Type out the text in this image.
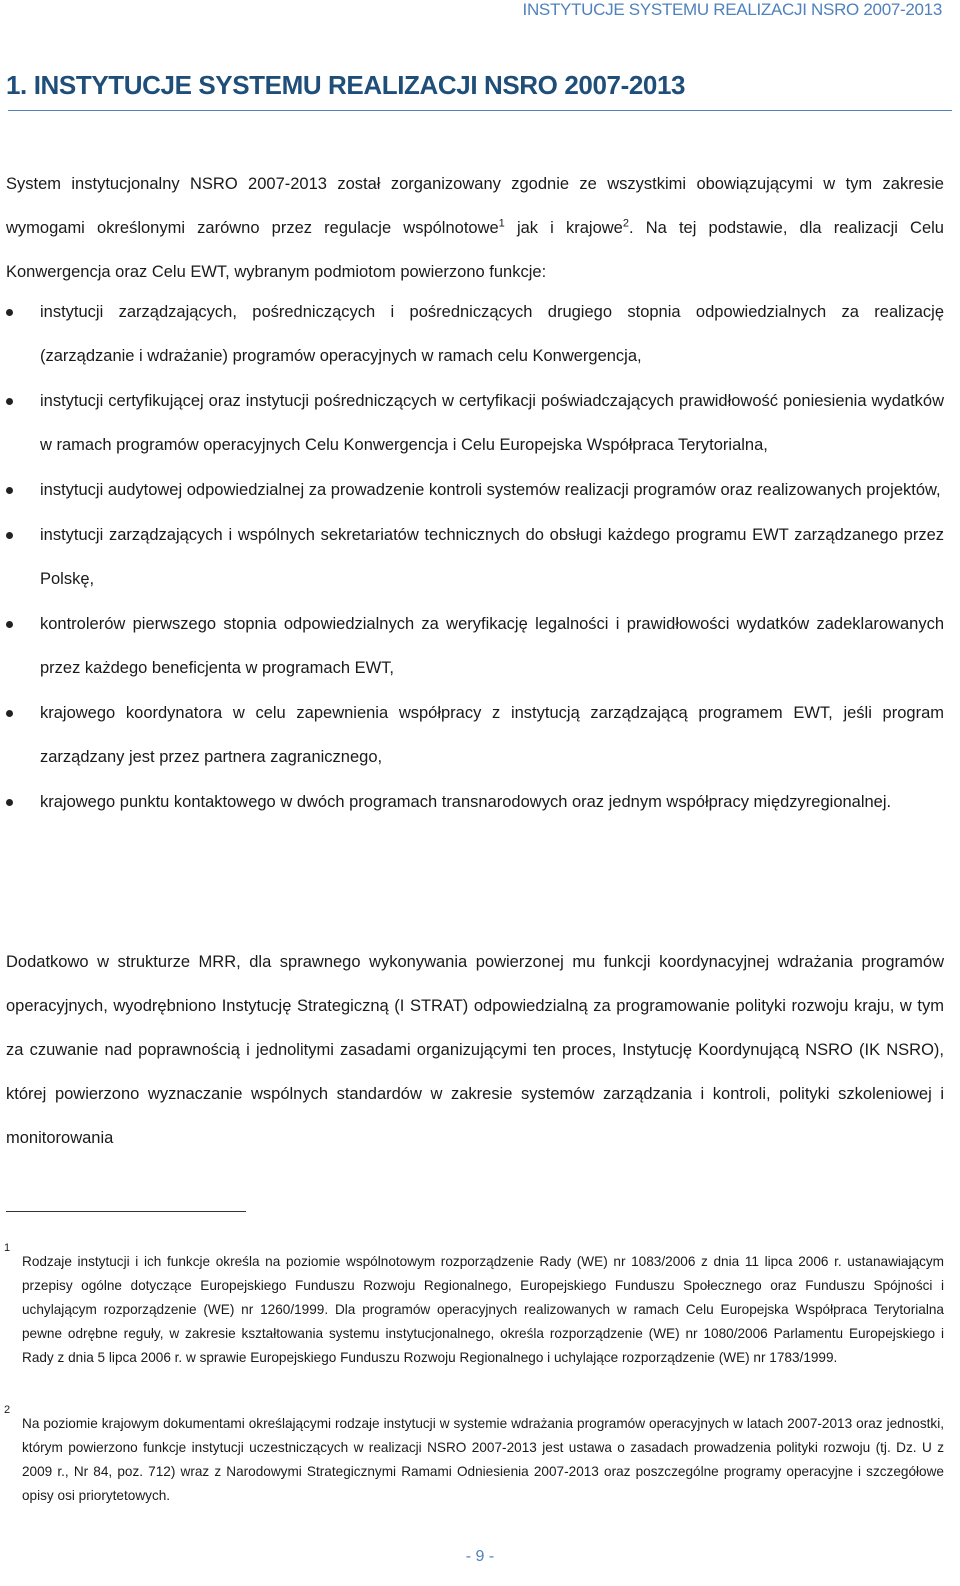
INSTYTUCJE SYSTEMU REALIZACJI NSRO 2007-2013
1. INSTYTUCJE SYSTEMU REALIZACJI NSRO 2007-2013

System instytucjonalny NSRO 2007-2013 został zorganizowany zgodnie ze wszystkimi obowiązującymi w tym zakresie wymogami określonymi zarówno przez regulacje wspólnotowe$^1$ jak i krajowe$^2$. Na tej podstawie, dla realizacji Celu Konwergencja oraz Celu EWT, wybranym podmiotom powierzono funkcje:

instytucji zarządzających, pośredniczących i pośredniczących drugiego stopnia odpowiedzialnych za realizację (zarządzanie i wdrażanie) programów operacyjnych w ramach celu Konwergencja,
instytucji certyfikującej oraz instytucji pośredniczących w certyfikacji poświadczających prawidłowość poniesienia wydatków w ramach programów operacyjnych Celu Konwergencja i Celu Europejska Współpraca Terytorialna,
instytucji audytowej odpowiedzialnej za prowadzenie kontroli systemów realizacji programów oraz realizowanych projektów,
instytucji zarządzających i wspólnych sekretariatów technicznych do obsługi każdego programu EWT zarządzanego przez Polskę,
kontrolerów pierwszego stopnia odpowiedzialnych za weryfikację legalności i prawidłowości wydatków zadeklarowanych przez każdego beneficjenta w programach EWT,
krajowego koordynatora w celu zapewnienia współpracy z instytucją zarządzającą programem EWT, jeśli program zarządzany jest przez partnera zagranicznego,
krajowego punktu kontaktowego w dwóch programach transnarodowych oraz jednym współpracy międzyregionalnej.

Dodatkowo w strukturze MRR, dla sprawnego wykonywania powierzonej mu funkcji koordynacyjnej wdrażania programów operacyjnych, wyodrębniono Instytucję Strategiczną (I STRAT) odpowiedzialną za programowanie polityki rozwoju kraju, w tym za czuwanie nad poprawnością i jednolitymi zasadami organizującymi ten proces, Instytucję Koordynującą NSRO (IK NSRO), której powierzono wyznaczanie wspólnych standardów w zakresie systemów zarządzania i kontroli, polityki szkoleniowej i monitorowania

1
Rodzaje instytucji i ich funkcje określa na poziomie wspólnotowym rozporządzenie Rady (WE) nr 1083/2006 z dnia 11 lipca 2006 r. ustanawiającym przepisy ogólne dotyczące Europejskiego Funduszu Rozwoju Regionalnego, Europejskiego Funduszu Społecznego oraz Funduszu Spójności i uchylającym rozporządzenie (WE) nr 1260/1999. Dla programów operacyjnych realizowanych w ramach Celu Europejska Współpraca Terytorialna pewne odrębne reguły, w zakresie kształtowania systemu instytucjonalnego, określa rozporządzenie (WE) nr 1080/2006 Parlamentu Europejskiego i Rady z dnia 5 lipca 2006 r. w sprawie Europejskiego Funduszu Rozwoju Regionalnego i uchylające rozporządzenie (WE) nr 1783/1999.
2
Na poziomie krajowym dokumentami określającymi rodzaje instytucji w systemie wdrażania programów operacyjnych w latach 2007-2013 oraz jednostki, którym powierzono funkcje instytucji uczestniczących w realizacji NSRO 2007-2013 jest ustawa o zasadach prowadzenia polityki rozwoju (tj. Dz. U z 2009 r., Nr 84, poz. 712) wraz z Narodowymi Strategicznymi Ramami Odniesienia 2007-2013 oraz poszczególne programy operacyjne i szczegółowe opisy osi priorytetowych.
- 9 -
